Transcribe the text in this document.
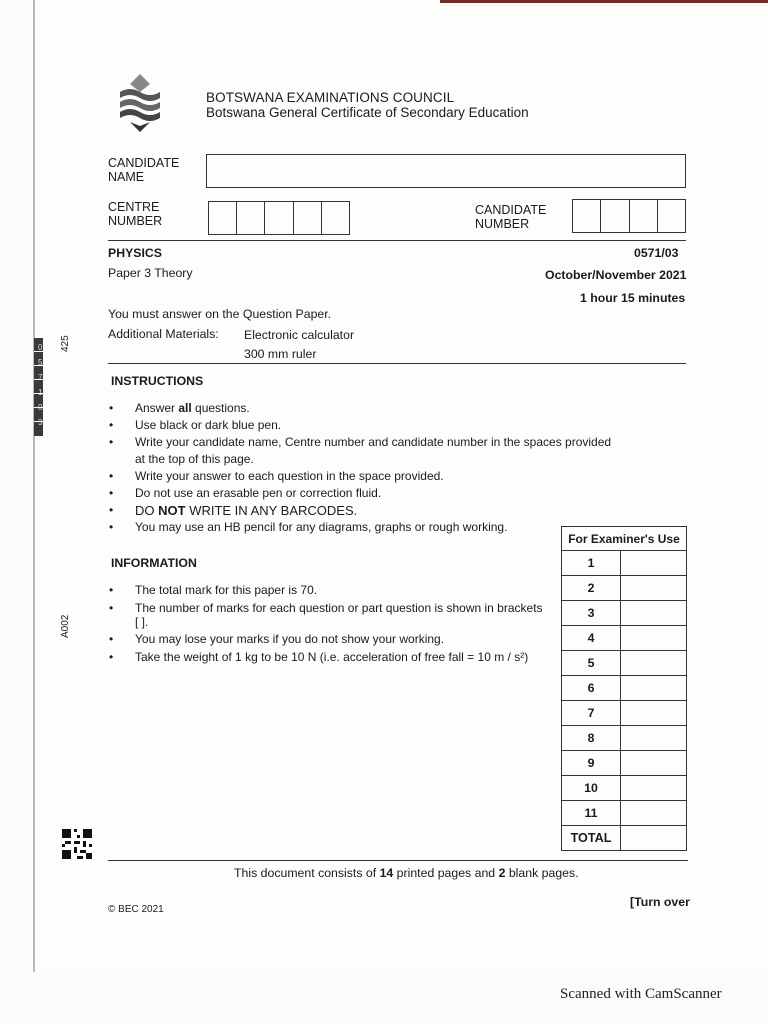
BOTSWANA EXAMINATIONS COUNCIL
Botswana General Certificate of Secondary Education
CANDIDATE
NAME
CENTRE
NUMBER
CANDIDATE
NUMBER
PHYSICS	0571/03
Paper 3 Theory	October/November 2021
1 hour 15 minutes
You must answer on the Question Paper.
Additional Materials: Electronic calculator
300 mm ruler
INSTRUCTIONS
• Answer all questions.
• Use black or dark blue pen.
• Write your candidate name, Centre number and candidate number in the spaces provided at the top of this page.
• Write your answer to each question in the space provided.
• Do not use an erasable pen or correction fluid.
• DO NOT WRITE IN ANY BARCODES.
• You may use an HB pencil for any diagrams, graphs or rough working.
INFORMATION
• The total mark for this paper is 70.
• The number of marks for each question or part question is shown in brackets [ ].
• You may lose your marks if you do not show your working.
• Take the weight of 1 kg to be 10 N (i.e. acceleration of free fall = 10 m / s²)
For Examiner's Use	
1	
2	
3	
4	
5	
6	
7	
8	
9	
10	
11	
TOTAL	
0571/03
425
A002
This document consists of 14 printed pages and 2 blank pages.
© BEC 2021
[Turn over
Scanned with CamScanner
